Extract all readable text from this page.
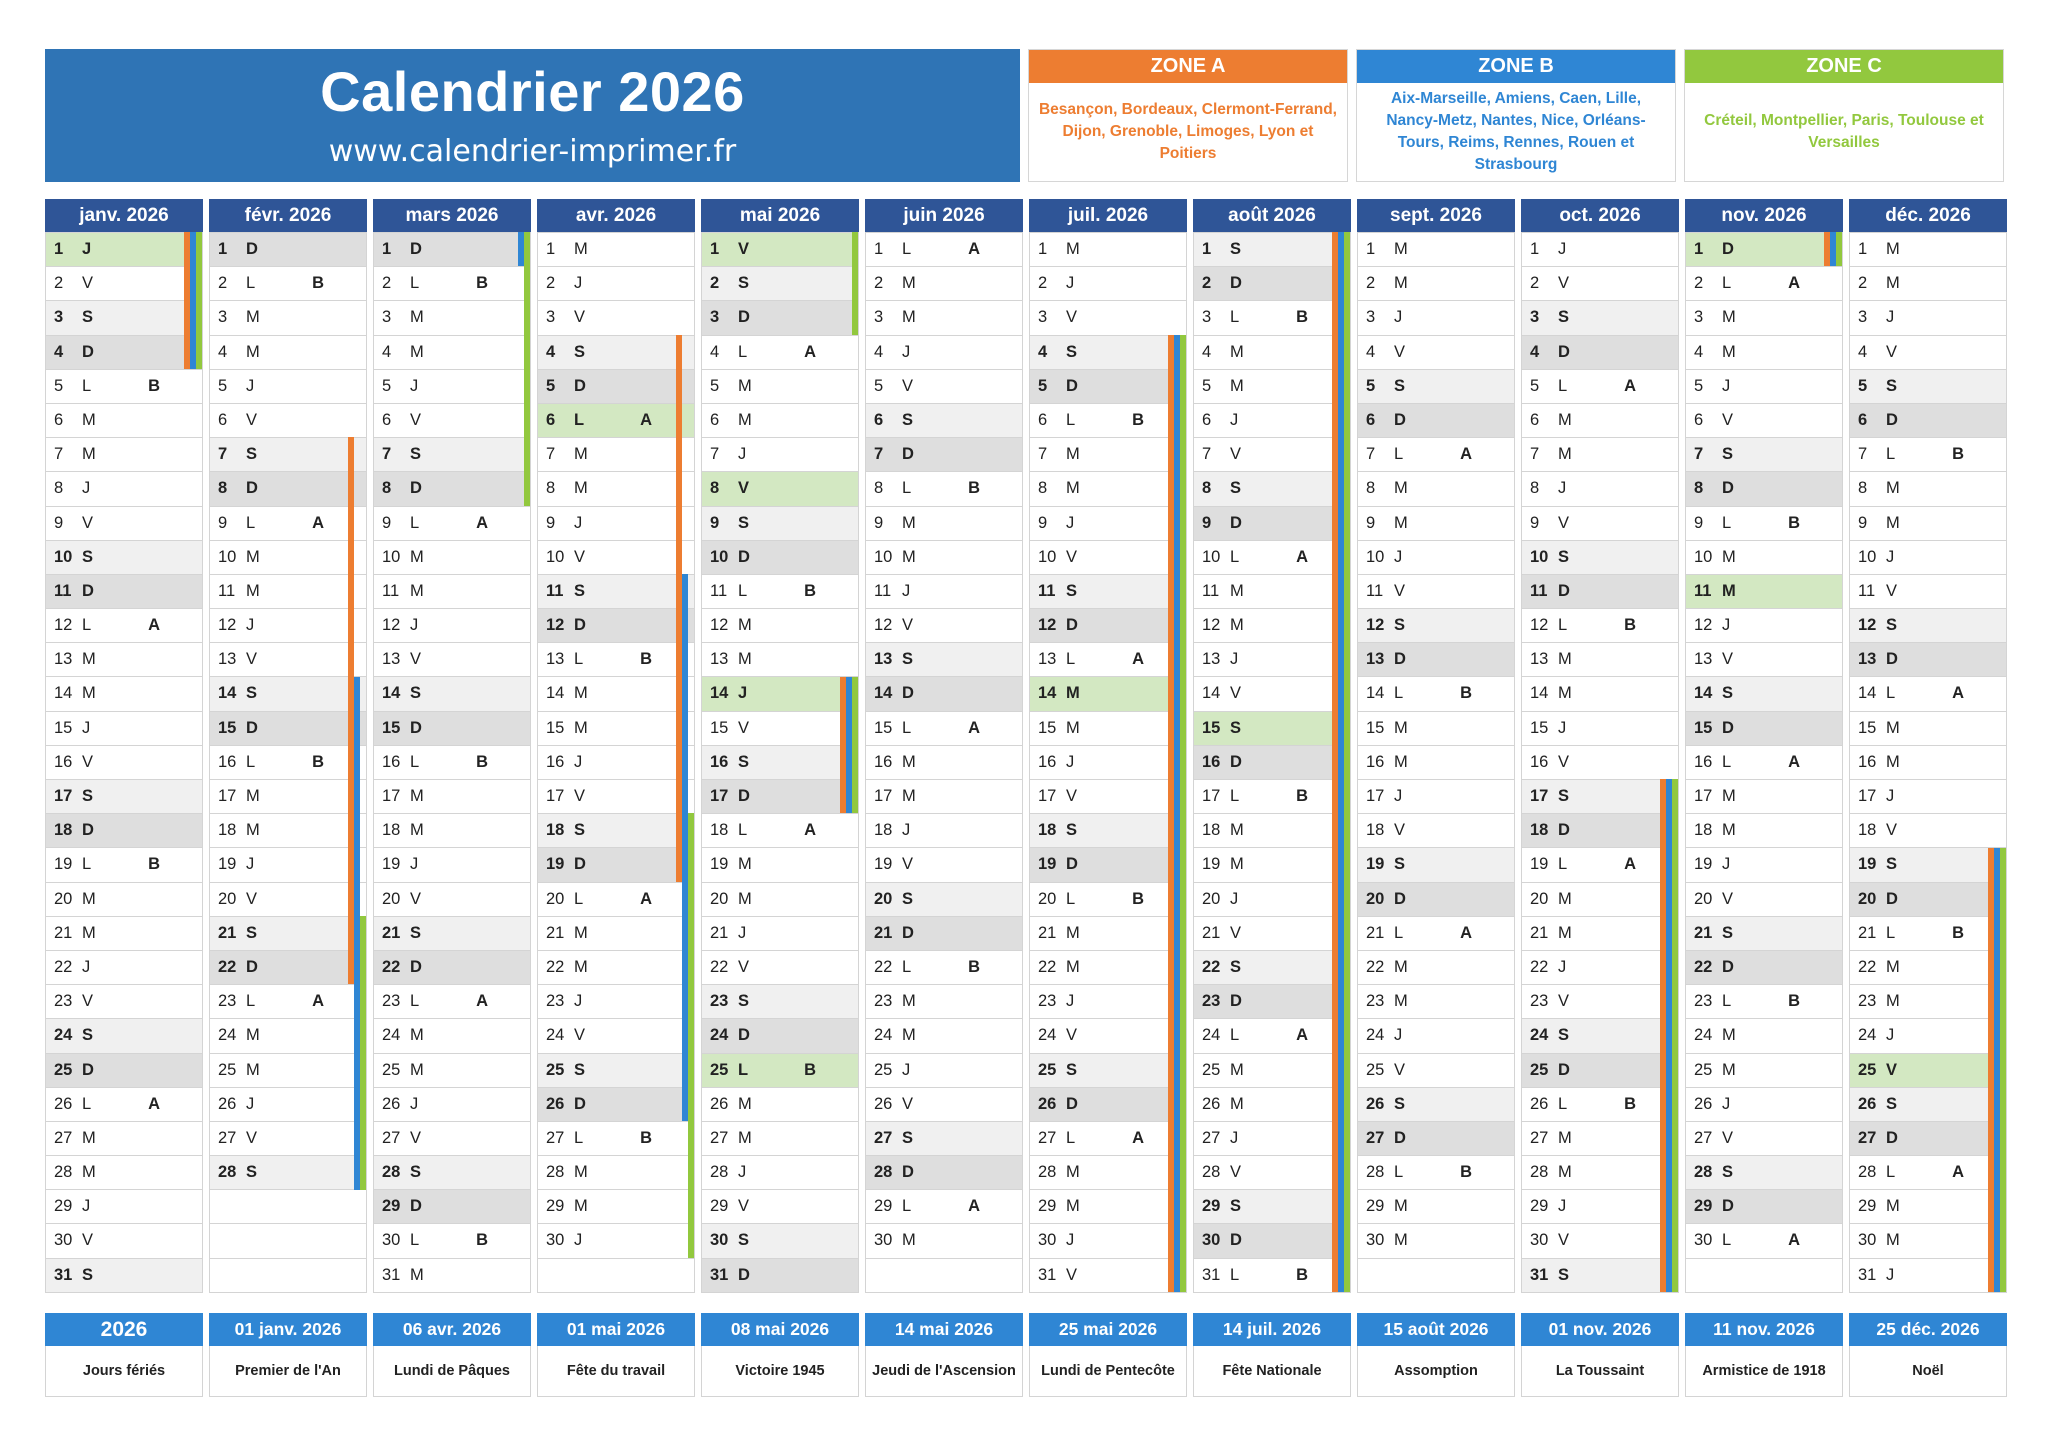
Calendrier 2026
www.calendrier-imprimer.fr
ZONE A
Besançon, Bordeaux, Clermont-Ferrand, Dijon, Grenoble, Limoges, Lyon et Poitiers
ZONE B
Aix-Marseille, Amiens, Caen, Lille, Nancy-Metz, Nantes, Nice, Orléans-Tours, Reims, Rennes, Rouen et Strasbourg
ZONE C
Créteil, Montpellier, Paris, Toulouse et Versailles
janv. 2026
1 J
2 V
3 S
4 D
5 L	B
6 M
7 M
8 J
9 V
10 S
11 D
12 L	A
13 M
14 M
15 J
16 V
17 S
18 D
19 L	B
20 M
21 M
22 J
23 V
24 S
25 D
26 L	A
27 M
28 M
29 J
30 V
31 S
févr. 2026
1 D
2 L	B
3 M
4 M
5 J
6 V
7 S
8 D
9 L	A
10 M
11 M
12 J
13 V
14 S
15 D
16 L	B
17 M
18 M
19 J
20 V
21 S
22 D
23 L	A
24 M
25 M
26 J
27 V
28 S
mars 2026
1 D
2 L	B
3 M
4 M
5 J
6 V
7 S
8 D
9 L	A
10 M
11 M
12 J
13 V
14 S
15 D
16 L	B
17 M
18 M
19 J
20 V
21 S
22 D
23 L	A
24 M
25 M
26 J
27 V
28 S
29 D
30 L	B
31 M
avr. 2026
1 M
2 J
3 V
4 S
5 D
6 L	A
7 M
8 M
9 J
10 V
11 S
12 D
13 L	B
14 M
15 M
16 J
17 V
18 S
19 D
20 L	A
21 M
22 M
23 J
24 V
25 S
26 D
27 L	B
28 M
29 M
30 J
mai 2026
1 V
2 S
3 D
4 L	A
5 M
6 M
7 J
8 V
9 S
10 D
11 L	B
12 M
13 M
14 J
15 V
16 S
17 D
18 L	A
19 M
20 M
21 J
22 V
23 S
24 D
25 L	B
26 M
27 M
28 J
29 V
30 S
31 D
juin 2026
1 L	A
2 M
3 M
4 J
5 V
6 S
7 D
8 L	B
9 M
10 M
11 J
12 V
13 S
14 D
15 L	A
16 M
17 M
18 J
19 V
20 S
21 D
22 L	B
23 M
24 M
25 J
26 V
27 S
28 D
29 L	A
30 M
juil. 2026
1 M
2 J
3 V
4 S
5 D
6 L	B
7 M
8 M
9 J
10 V
11 S
12 D
13 L	A
14 M
15 M
16 J
17 V
18 S
19 D
20 L	B
21 M
22 M
23 J
24 V
25 S
26 D
27 L	A
28 M
29 M
30 J
31 V
août 2026
1 S
2 D
3 L	B
4 M
5 M
6 J
7 V
8 S
9 D
10 L	A
11 M
12 M
13 J
14 V
15 S
16 D
17 L	B
18 M
19 M
20 J
21 V
22 S
23 D
24 L	A
25 M
26 M
27 J
28 V
29 S
30 D
31 L	B
sept. 2026
1 M
2 M
3 J
4 V
5 S
6 D
7 L	A
8 M
9 M
10 J
11 V
12 S
13 D
14 L	B
15 M
16 M
17 J
18 V
19 S
20 D
21 L	A
22 M
23 M
24 J
25 V
26 S
27 D
28 L	B
29 M
30 M
oct. 2026
1 J
2 V
3 S
4 D
5 L	A
6 M
7 M
8 J
9 V
10 S
11 D
12 L	B
13 M
14 M
15 J
16 V
17 S
18 D
19 L	A
20 M
21 M
22 J
23 V
24 S
25 D
26 L	B
27 M
28 M
29 J
30 V
31 S
nov. 2026
1 D
2 L	A
3 M
4 M
5 J
6 V
7 S
8 D
9 L	B
10 M
11 M
12 J
13 V
14 S
15 D
16 L	A
17 M
18 M
19 J
20 V
21 S
22 D
23 L	B
24 M
25 M
26 J
27 V
28 S
29 D
30 L	A
déc. 2026
1 M
2 M
3 J
4 V
5 S
6 D
7 L	B
8 M
9 M
10 J
11 V
12 S
13 D
14 L	A
15 M
16 M
17 J
18 V
19 S
20 D
21 L	B
22 M
23 M
24 J
25 V
26 S
27 D
28 L	A
29 M
30 M
31 J
2026
Jours fériés
01 janv. 2026
Premier de l'An
06 avr. 2026
Lundi de Pâques
01 mai 2026
Fête du travail
08 mai 2026
Victoire 1945
14 mai 2026
Jeudi de l'Ascension
25 mai 2026
Lundi de Pentecôte
14 juil. 2026
Fête Nationale
15 août 2026
Assomption
01 nov. 2026
La Toussaint
11 nov. 2026
Armistice de 1918
25 déc. 2026
Noël
